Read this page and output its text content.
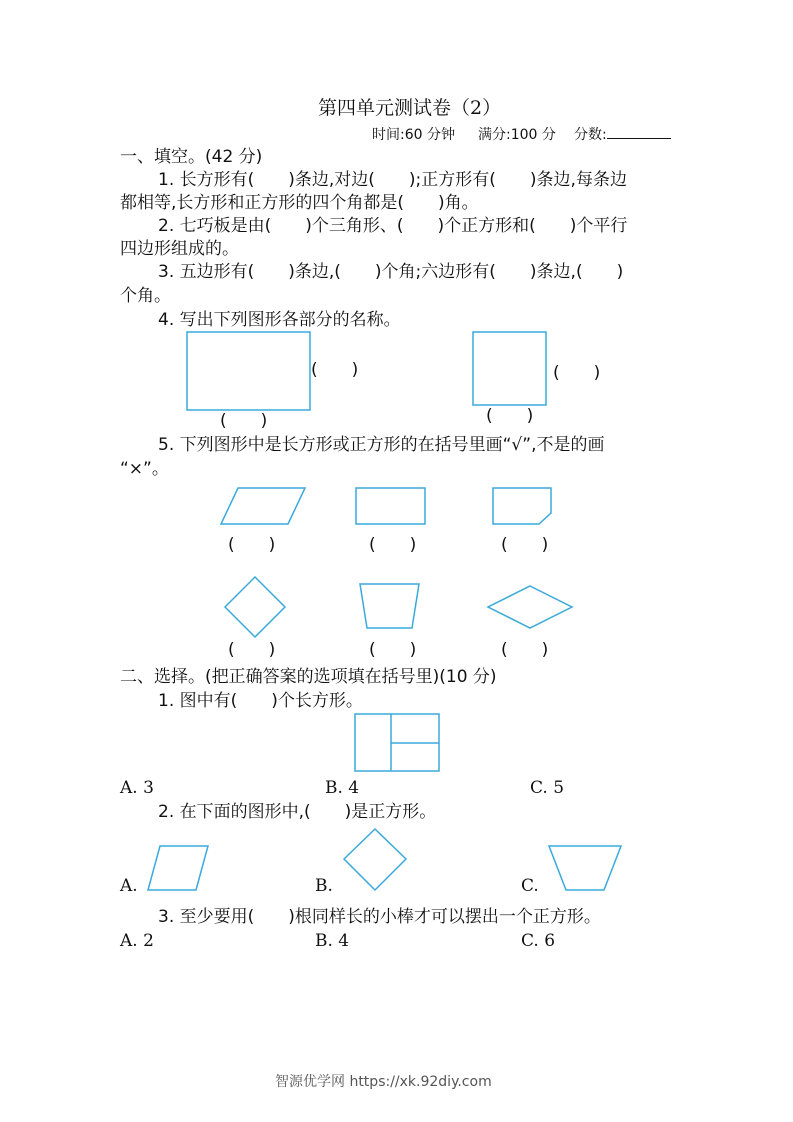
第四单元测试卷（2）
时间:60 分钟 满分:100 分 分数:
一、填空。(42 分)
1. 长方形有(　　)条边,对边(　　);正方形有(　　)条边,每条边
都相等,长方形和正方形的四个角都是(　　)角。
2. 七巧板是由(　　)个三角形、(　　)个正方形和(　　)个平行
四边形组成的。
3. 五边形有(　　)条边,(　　)个角;六边形有(　　)条边,(　　)
个角。
4. 写出下列图形各部分的名称。
(　　)
(　　)
(　　)
(　　)
5. 下列图形中是长方形或正方形的在括号里画“√”,不是的画
“×”。
(　　)	(　　)	(　　)
(　　)	(　　)	(　　)
二、选择。(把正确答案的选项填在括号里)(10 分)
1. 图中有(　　)个长方形。
A. 3	B. 4	C. 5
2. 在下面的图形中,(　　)是正方形。
A.	B.	C.
3. 至少要用(　　)根同样长的小棒才可以摆出一个正方形。
A. 2	B. 4	C. 6
智源优学网 https://xk.92diy.com
